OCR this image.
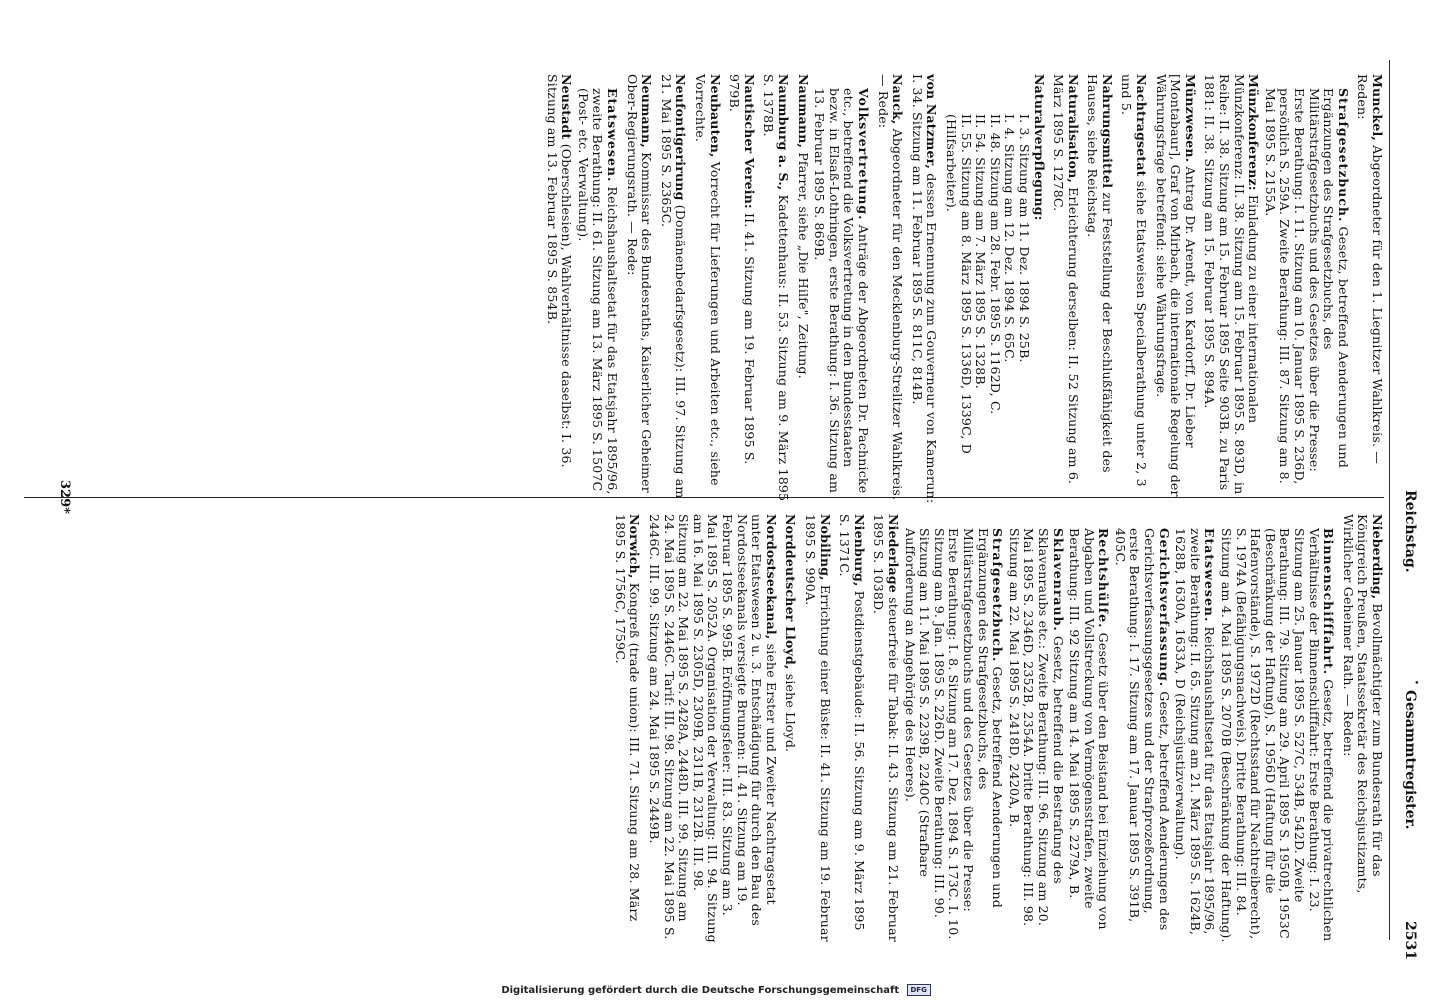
Reichstag.
·
Gesammtregister.
2531
Munckel, Abgeordneter für den 1. Liegnitzer Wahlkreis. — Reden:
Strafgesetzbuch. Gesetz, betreffend Aenderungen und Ergänzungen des Strafgesetzbuchs, des Militärstrafgesetzbuchs und des Gesetzes über die Presse: Erste Berathung: I. 11. Sitzung am 10. Januar 1895 S. 236D, persönlich S. 259A. Zweite Berathung: III. 87. Sitzung am 8. Mai 1895 S. 2155A.
Münzkonferenz: Einladung zu einer internationalen Münzkonferenz: II. 38. Sitzung am 15. Februar 1895 S. 893D, in Reihe: II. 38. Sitzung am 15. Februar 1895 Seite 903B. zu Paris 1881: II. 38. Sitzung am 15. Februar 1895 S. 894A.
Münzwesen. Antrag Dr. Arendt, von Kardorff, Dr. Lieber [Montabaur], Graf von Mirbach, die internationale Regelung der Währungsfrage betreffend: siehe Währungsfrage.
Nachtragsetat siehe Etatsweisen Specialberathung unter 2, 3 und 5.
Nahrungsmittel zur Feststellung der Beschlußfähigkeit des Hauses, siehe Reichstag.
Naturalisation, Erleichterung derselben: II. 52 Sitzung am 6. März 1895 S. 1278C.
Naturalverpflegung:
I. 3. Sitzung am 11. Dez. 1894 S. 25B.
I. 4. Sitzung am 12. Dez. 1894 S. 65C.
II. 48. Sitzung am 28. Febr. 1895 S. 1162D, C.
II. 54. Sitzung am 7. März 1895 S. 1328B.
II. 55. Sitzung am 8. März 1895 S. 1336D, 1339C, D (Hilfsarbeiter).
von Natzmer, dessen Ernennung zum Gouverneur von Kamerun: I. 34. Sitzung am 11. Februar 1895 S. 811C, 814B.
Nauck, Abgeordneter für den Mecklenburg-Strelitzer Wahlkreis. — Rede:
Volksvertretung. Anträge der Abgeordneten Dr. Pachnicke etc., betreffend die Volksvertretung in den Bundesstaaten bezw. in Elsaß-Lothringen, erste Berathung: I. 36. Sitzung am 13. Februar 1895 S. 869B.
Naumann, Pfarrer, siehe „Die Hilfe", Zeitung.
Naumburg a. S., Kadettenhaus: II. 53. Sitzung am 9. März 1895 S. 1378B.
Nautischer Verein: II. 41. Sitzung am 19. Februar 1895 S. 979B.
Neubauten, Vorrecht für Lieferungen und Arbeiten etc., siehe Vorrechte.
Neufontigerirung (Domänenbedarfsgesetz): III. 97. Sitzung am 21. Mai 1895 S. 2365C.
Neumann, Kommissar des Bundesraths, Kaiserlicher Geheimer Ober-Regierungsrath. — Rede:
Etatswesen. Reichshaushaltsetat für das Etatsjahr 1895/96, zweite Berathung: II. 61. Sitzung am 13. März 1895 S. 1507C (Post- etc. Verwaltung).
Neustadt (Oberschlesien), Wahlverhältnisse daselbst: I. 36. Sitzung am 13. Februar 1895 S. 854B.
Nieberding, Bevollmächtigter zum Bundesrath für das Königreich Preußen, Staatssekretär des Reichsjustizamts, Wirklicher Geheimer Rath. — Reden:
Binnenschifffahrt. Gesetz, betreffend die privatrechtlichen Verhältnisse der Binnenschifffahrt: Erste Berathung: I. 23. Sitzung am 25. Januar 1895 S. 527C, 534B, 542D. Zweite Berathung: III. 79. Sitzung am 29. April 1895 S. 1950B, 1953C (Beschränkung der Haftung), S. 1956D (Haftung für die Hafenvorstände), S. 1972D (Rechtsstand für Nachtreiberecht), S. 1974A (Befähigungsnachweis). Dritte Berathung: III. 84. Sitzung am 4. Mai 1895 S. 2070B (Beschränkung der Haftung).
Etatswesen. Reichshaushaltsetat für das Etatsjahr 1895/96, zweite Berathung: II. 65. Sitzung am 21. März 1895 S. 1624B, 1628B, 1630A, 1633A, D (Reichsjustizverwaltung).
Gerichtsverfassung. Gesetz, betreffend Aenderungen des Gerichtsverfassungsgesetzes und der Strafprozeßordnung, erste Berathung: I. 17. Sitzung am 17. Januar 1895 S. 391B, 405C.
Rechtshülfe. Gesetz über den Beistand bei Einziehung von Abgaben und Vollstreckung von Vermögensstrafen, zweite Berathung: III. 92 Sitzung am 14. Mai 1895 S. 2279A, B.
Sklavenraub. Gesetz, betreffend die Bestrafung des Sklavenraubs etc.: Zweite Berathung: III. 96. Sitzung am 20. Mai 1895 S. 2346D, 2352B, 2354A. Dritte Berathung: III. 98. Sitzung am 22. Mai 1895 S. 2418D, 2420A, B.
Strafgesetzbuch. Gesetz, betreffend Aenderungen und Ergänzungen des Strafgesetzbuchs, des Militärstrafgesetzbuchs und des Gesetzes über die Presse: Erste Berathung: I. 8. Sitzung am 17. Dez. 1894 S. 173C. I. 10. Sitzung am 9. Jan. 1895 S. 226D. Zweite Berathung: III. 90. Sitzung am 11. Mai 1895 S. 2239B, 2240C (Strafbare Aufforderung an Angehörige des Heeres).
Niederlage steuerfreie für Tabak: II. 43. Sitzung am 21. Februar 1895 S. 1038D.
Nienburg, Postdienstgebäude: II. 56. Sitzung am 9. März 1895 S. 1371C.
Nobiling, Errichtung einer Büste: II. 41. Sitzung am 19. Februar 1895 S. 990A.
Norddeutscher Lloyd, siehe Lloyd.
Nordostseekanal, siehe Erster und Zweiter Nachtragsetat unter Etatswesen 2 u. 3. Entschädigung für durch den Bau des Nordostseekanals versiegte Brunnen: II. 41. Sitzung am 19. Februar 1895 S. 995B. Eröffnungsfeier: III. 83. Sitzung am 3. Mai 1895 S. 2052A. Organisation der Verwaltung: III. 94. Sitzung am 16. Mai 1895 S. 2305D, 2309B, 2311B, 2312B. III. 98. Sitzung am 22. Mai 1895 S. 2428A, 2448D. III. 99. Sitzung am 24. Mai 1895 S. 2446C. Tarif: III. 98. Sitzung am 22. Mai 1895 S. 2446C. III. 99. Sitzung am 24. Mai 1895 S. 2449B.
Norwich, Kongreß (trade union): III. 71. Sitzung am 28. März 1895 S. 1756C, 1759C.
329*
Digitalisierung gefördert durch die Deutsche Forschungsgemeinschaft DFG
